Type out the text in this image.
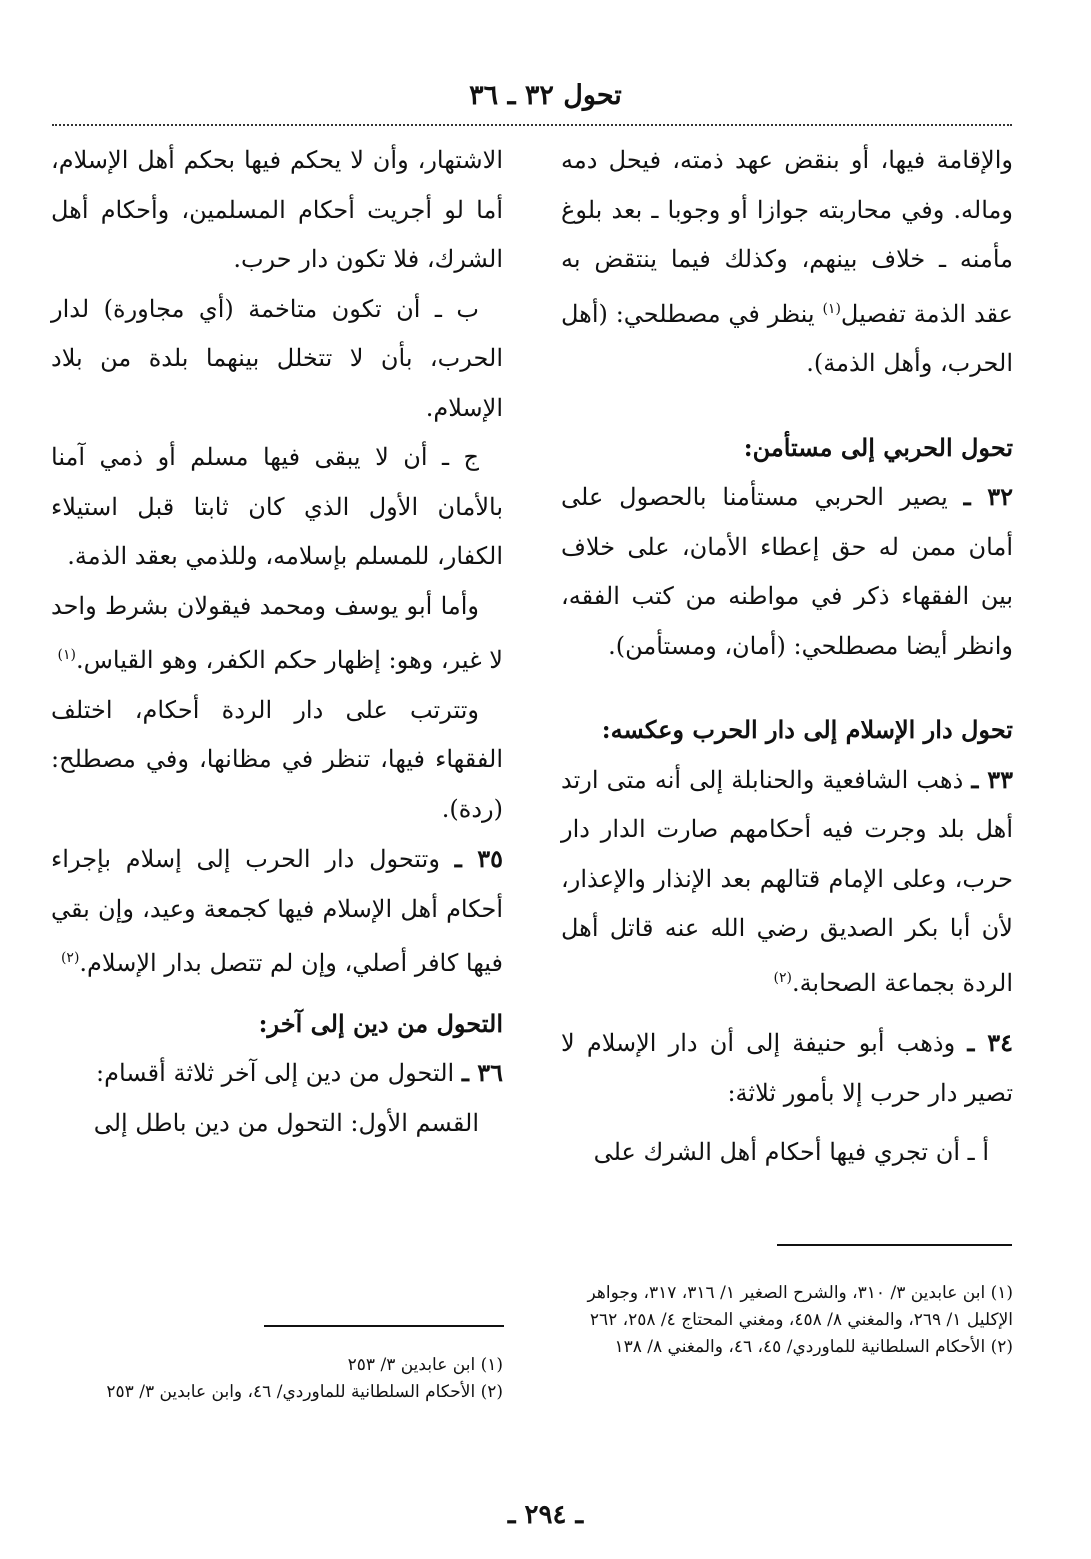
تحول ٣٢ ـ ٣٦

والإقامة فيها، أو بنقض عهد ذمته، فيحل دمه وماله. وفي محاربته جوازا أو وجوبا ـ بعد بلوغ مأمنه ـ خلاف بينهم، وكذلك فيما ينتقض به عقد الذمة تفصيل$^{(١)}$ ينظر في مصطلحي: (أهل الحرب، وأهل الذمة).

تحول الحربي إلى مستأمن:

٣٢ ـ يصير الحربي مستأمنا بالحصول على أمان ممن له حق إعطاء الأمان، على خلاف بين الفقهاء ذكر في مواطنه من كتب الفقه، وانظر أيضا مصطلحي: (أمان، ومستأمن).

تحول دار الإسلام إلى دار الحرب وعكسه:

٣٣ ـ ذهب الشافعية والحنابلة إلى أنه متى ارتد أهل بلد وجرت فيه أحكامهم صارت الدار دار حرب، وعلى الإمام قتالهم بعد الإنذار والإعذار، لأن أبا بكر الصديق رضي الله عنه قاتل أهل الردة بجماعة الصحابة.$^{(٢)}$

٣٤ ـ وذهب أبو حنيفة إلى أن دار الإسلام لا تصير دار حرب إلا بأمور ثلاثة:

أ ـ أن تجري فيها أحكام أهل الشرك على

الاشتهار، وأن لا يحكم فيها بحكم أهل الإسلام، أما لو أجريت أحكام المسلمين، وأحكام أهل الشرك، فلا تكون دار حرب.

ب ـ أن تكون متاخمة (أي مجاورة) لدار الحرب، بأن لا تتخلل بينهما بلدة من بلاد الإسلام.

ج ـ أن لا يبقى فيها مسلم أو ذمي آمنا بالأمان الأول الذي كان ثابتا قبل استيلاء الكفار، للمسلم بإسلامه، وللذمي بعقد الذمة.

وأما أبو يوسف ومحمد فيقولان بشرط واحد لا غير، وهو: إظهار حكم الكفر، وهو القياس.$^{(١)}$

وتترتب على دار الردة أحكام، اختلف الفقهاء فيها، تنظر في مظانها، وفي مصطلح: (ردة).

٣٥ ـ وتتحول دار الحرب إلى إسلام بإجراء أحكام أهل الإسلام فيها كجمعة وعيد، وإن بقي فيها كافر أصلي، وإن لم تتصل بدار الإسلام.$^{(٢)}$

التحول من دين إلى آخر:

٣٦ ـ التحول من دين إلى آخر ثلاثة أقسام:

القسم الأول: التحول من دين باطل إلى

(١) ابن عابدين ٣/ ٣١٠، والشرح الصغير ١/ ٣١٦، ٣١٧، وجواهر الإكليل ١/ ٢٦٩، والمغني ٨/ ٤٥٨، ومغني المحتاج ٤/ ٢٥٨، ٢٦٢

(٢) الأحكام السلطانية للماوردي/ ٤٥، ٤٦، والمغني ٨/ ١٣٨

(١) ابن عابدين ٣/ ٢٥٣

(٢) الأحكام السلطانية للماوردي/ ٤٦، وابن عابدين ٣/ ٢٥٣

ـ ٢٩٤ ـ
